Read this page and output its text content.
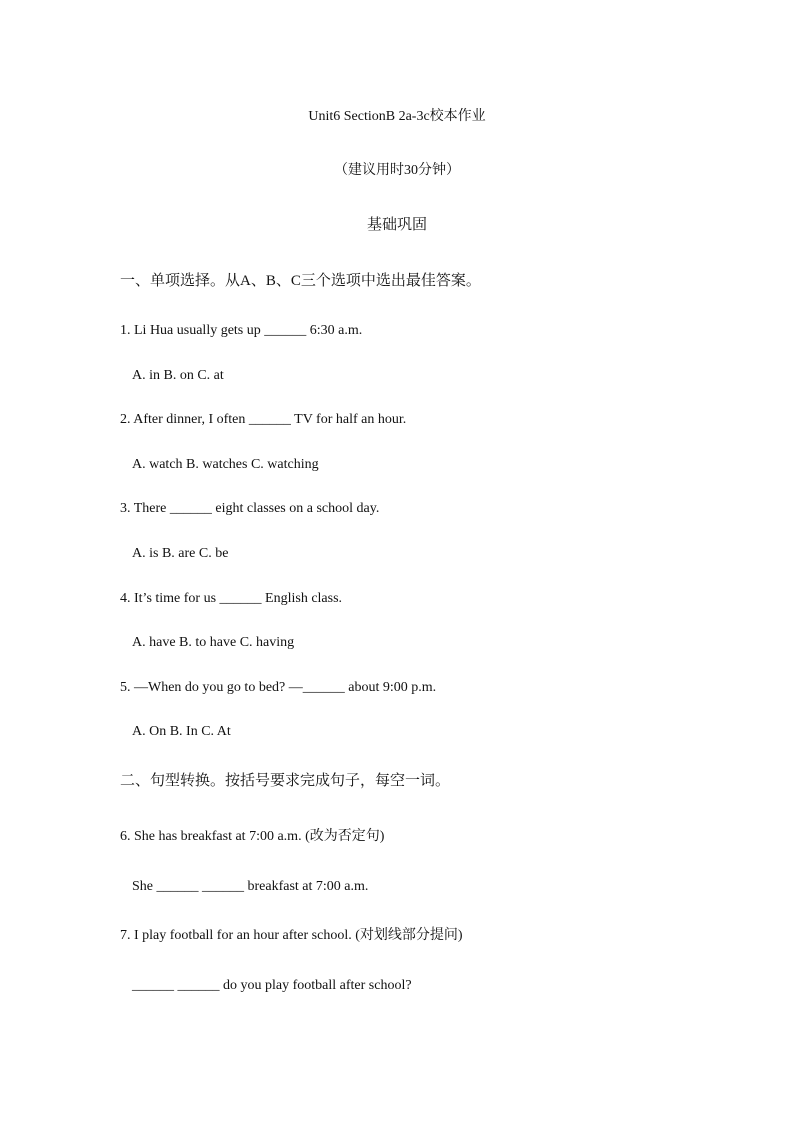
Unit6 SectionB 2a-3c校本作业
（建议用时30分钟）
基础巩固
一、单项选择。从A、B、C三个选项中选出最佳答案。
1. Li Hua usually gets up ______ 6:30 a.m.
A. in B. on C. at
2. After dinner, I often ______ TV for half an hour.
A. watch B. watches C. watching
3. There ______ eight classes on a school day.
A. is B. are C. be
4. It’s time for us ______ English class.
A. have B. to have C. having
5. —When do you go to bed? —______ about 9:00 p.m.
A. On B. In C. At
二、句型转换。按括号要求完成句子，每空一词。
6. She has breakfast at 7:00 a.m. (改为否定句)
She ______ ______ breakfast at 7:00 a.m.
7. I play football for an hour after school. (对划线部分提问)
______ ______ do you play football after school?
